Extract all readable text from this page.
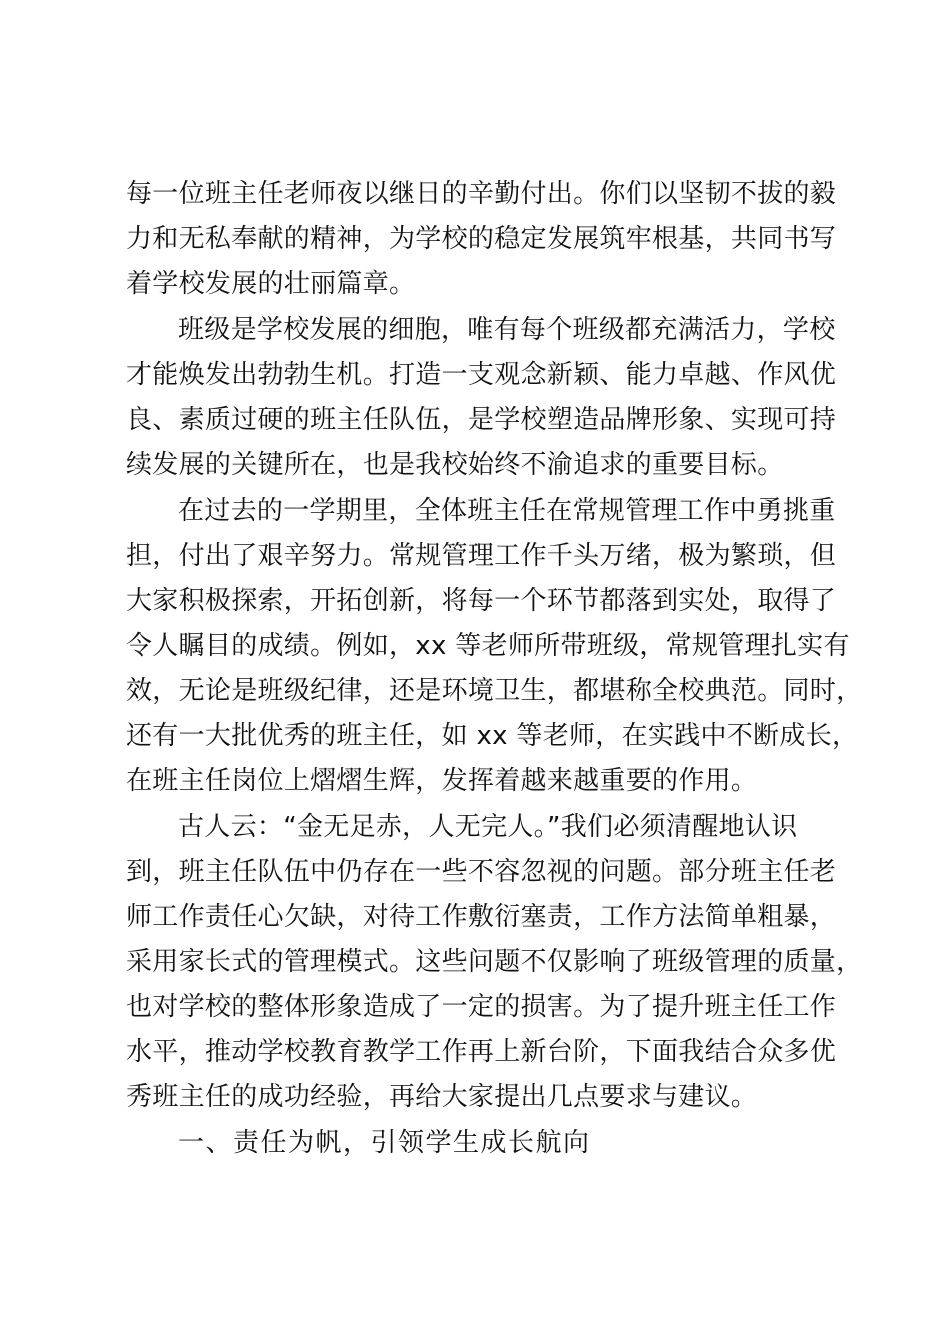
每一位班主任老师夜以继日的辛勤付出。你们以坚韧不拔的毅
力和无私奉献的精神，为学校的稳定发展筑牢根基，共同书写
着学校发展的壮丽篇章。
班级是学校发展的细胞，唯有每个班级都充满活力，学校
才能焕发出勃勃生机。打造一支观念新颖、能力卓越、作风优
良、素质过硬的班主任队伍，是学校塑造品牌形象、实现可持
续发展的关键所在，也是我校始终不渝追求的重要目标。
在过去的一学期里，全体班主任在常规管理工作中勇挑重
担，付出了艰辛努力。常规管理工作千头万绪，极为繁琐，但
大家积极探索，开拓创新，将每一个环节都落到实处，取得了
令人瞩目的成绩。例如，xx 等老师所带班级，常规管理扎实有
效，无论是班级纪律，还是环境卫生，都堪称全校典范。同时，
还有一大批优秀的班主任，如 xx 等老师，在实践中不断成长，
在班主任岗位上熠熠生辉，发挥着越来越重要的作用。
古人云：“金无足赤，人无完人。”我们必须清醒地认识
到，班主任队伍中仍存在一些不容忽视的问题。部分班主任老
师工作责任心欠缺，对待工作敷衍塞责，工作方法简单粗暴，
采用家长式的管理模式。这些问题不仅影响了班级管理的质量，
也对学校的整体形象造成了一定的损害。为了提升班主任工作
水平，推动学校教育教学工作再上新台阶，下面我结合众多优
秀班主任的成功经验，再给大家提出几点要求与建议。
一、责任为帆，引领学生成长航向
